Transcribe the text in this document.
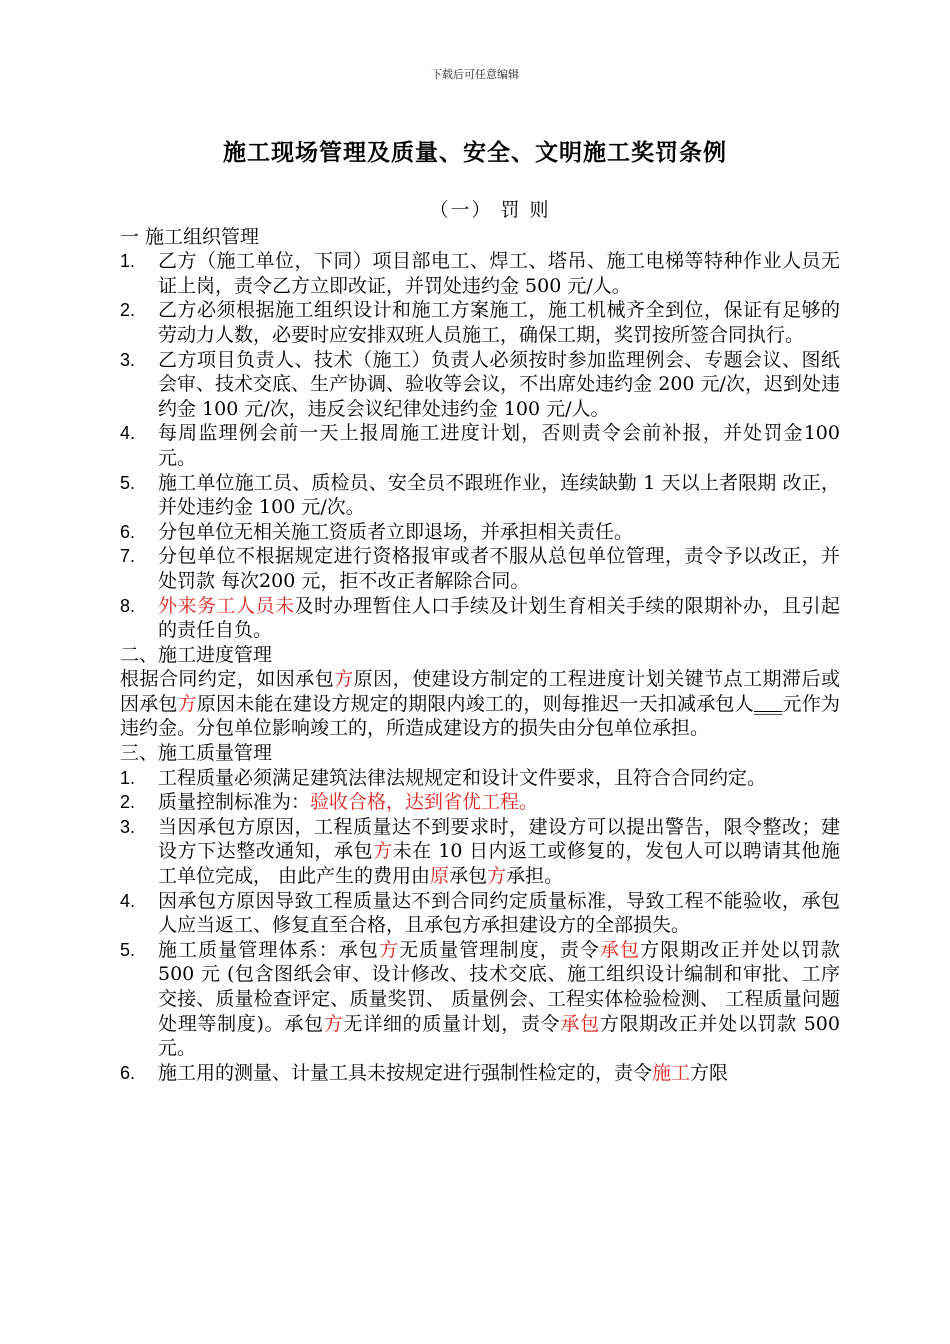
下载后可任意编辑
施工现场管理及质量、安全、文明施工奖罚条例
（一） 罚 则
一 施工组织管理
1.	乙方（施工单位，下同）项目部电工、焊工、塔吊、施工电梯等特种作业人员无证上岗，责令乙方立即改证，并罚处违约金 500 元/人。
2.	乙方必须根据施工组织设计和施工方案施工，施工机械齐全到位，保证有足够的劳动力人数，必要时应安排双班人员施工，确保工期，奖罚按所签合同执行。
3.	乙方项目负责人、技术（施工）负责人必须按时参加监理例会、专题会议、图纸会审、技术交底、生产协调、验收等会议，不出席处违约金 200 元/次，迟到处违约金 100 元/次，违反会议纪律处违约金 100 元/人。
4.	每周监理例会前一天上报周施工进度计划，否则责令会前补报，并处罚金100 元。
5.	施工单位施工员、质检员、安全员不跟班作业，连续缺勤 1 天以上者限期 改正，并处违约金 100 元/次。
6.	分包单位无相关施工资质者立即退场，并承担相关责任。
7.	分包单位不根据规定进行资格报审或者不服从总包单位管理，责令予以改正，并处罚款 每次200 元，拒不改正者解除合同。
8.	外来务工人员未及时办理暂住人口手续及计划生育相关手续的限期补办，且引起的责任自负。
二、施工进度管理
根据合同约定，如因承包方原因，使建设方制定的工程进度计划关键节点工期滞后或因承包方原因未能在建设方规定的期限内竣工的，则每推迟一天扣减承包人___元作为违约金。分包单位影响竣工的，所造成建设方的损失由分包单位承担。
三、施工质量管理
1.	工程质量必须满足建筑法律法规规定和设计文件要求，且符合合同约定。
2.	质量控制标准为：验收合格，达到省优工程。
3.	当因承包方原因，工程质量达不到要求时，建设方可以提出警告，限令整改；建设方下达整改通知，承包方未在 10 日内返工或修复的，发包人可以聘请其他施工单位完成， 由此产生的费用由原承包方承担。
4.	因承包方原因导致工程质量达不到合同约定质量标准，导致工程不能验收，承包人应当返工、修复直至合格，且承包方承担建设方的全部损失。
5.	施工质量管理体系：承包方无质量管理制度，责令承包方限期改正并处以罚款 500 元 (包含图纸会审、设计修改、技术交底、施工组织设计编制和审批、工序交接、质量检查评定、质量奖罚、 质量例会、工程实体检验检测、 工程质量问题处理等制度)。承包方无详细的质量计划，责令承包方限期改正并处以罚款 500 元。
6.	施工用的测量、计量工具未按规定进行强制性检定的，责令施工方限
